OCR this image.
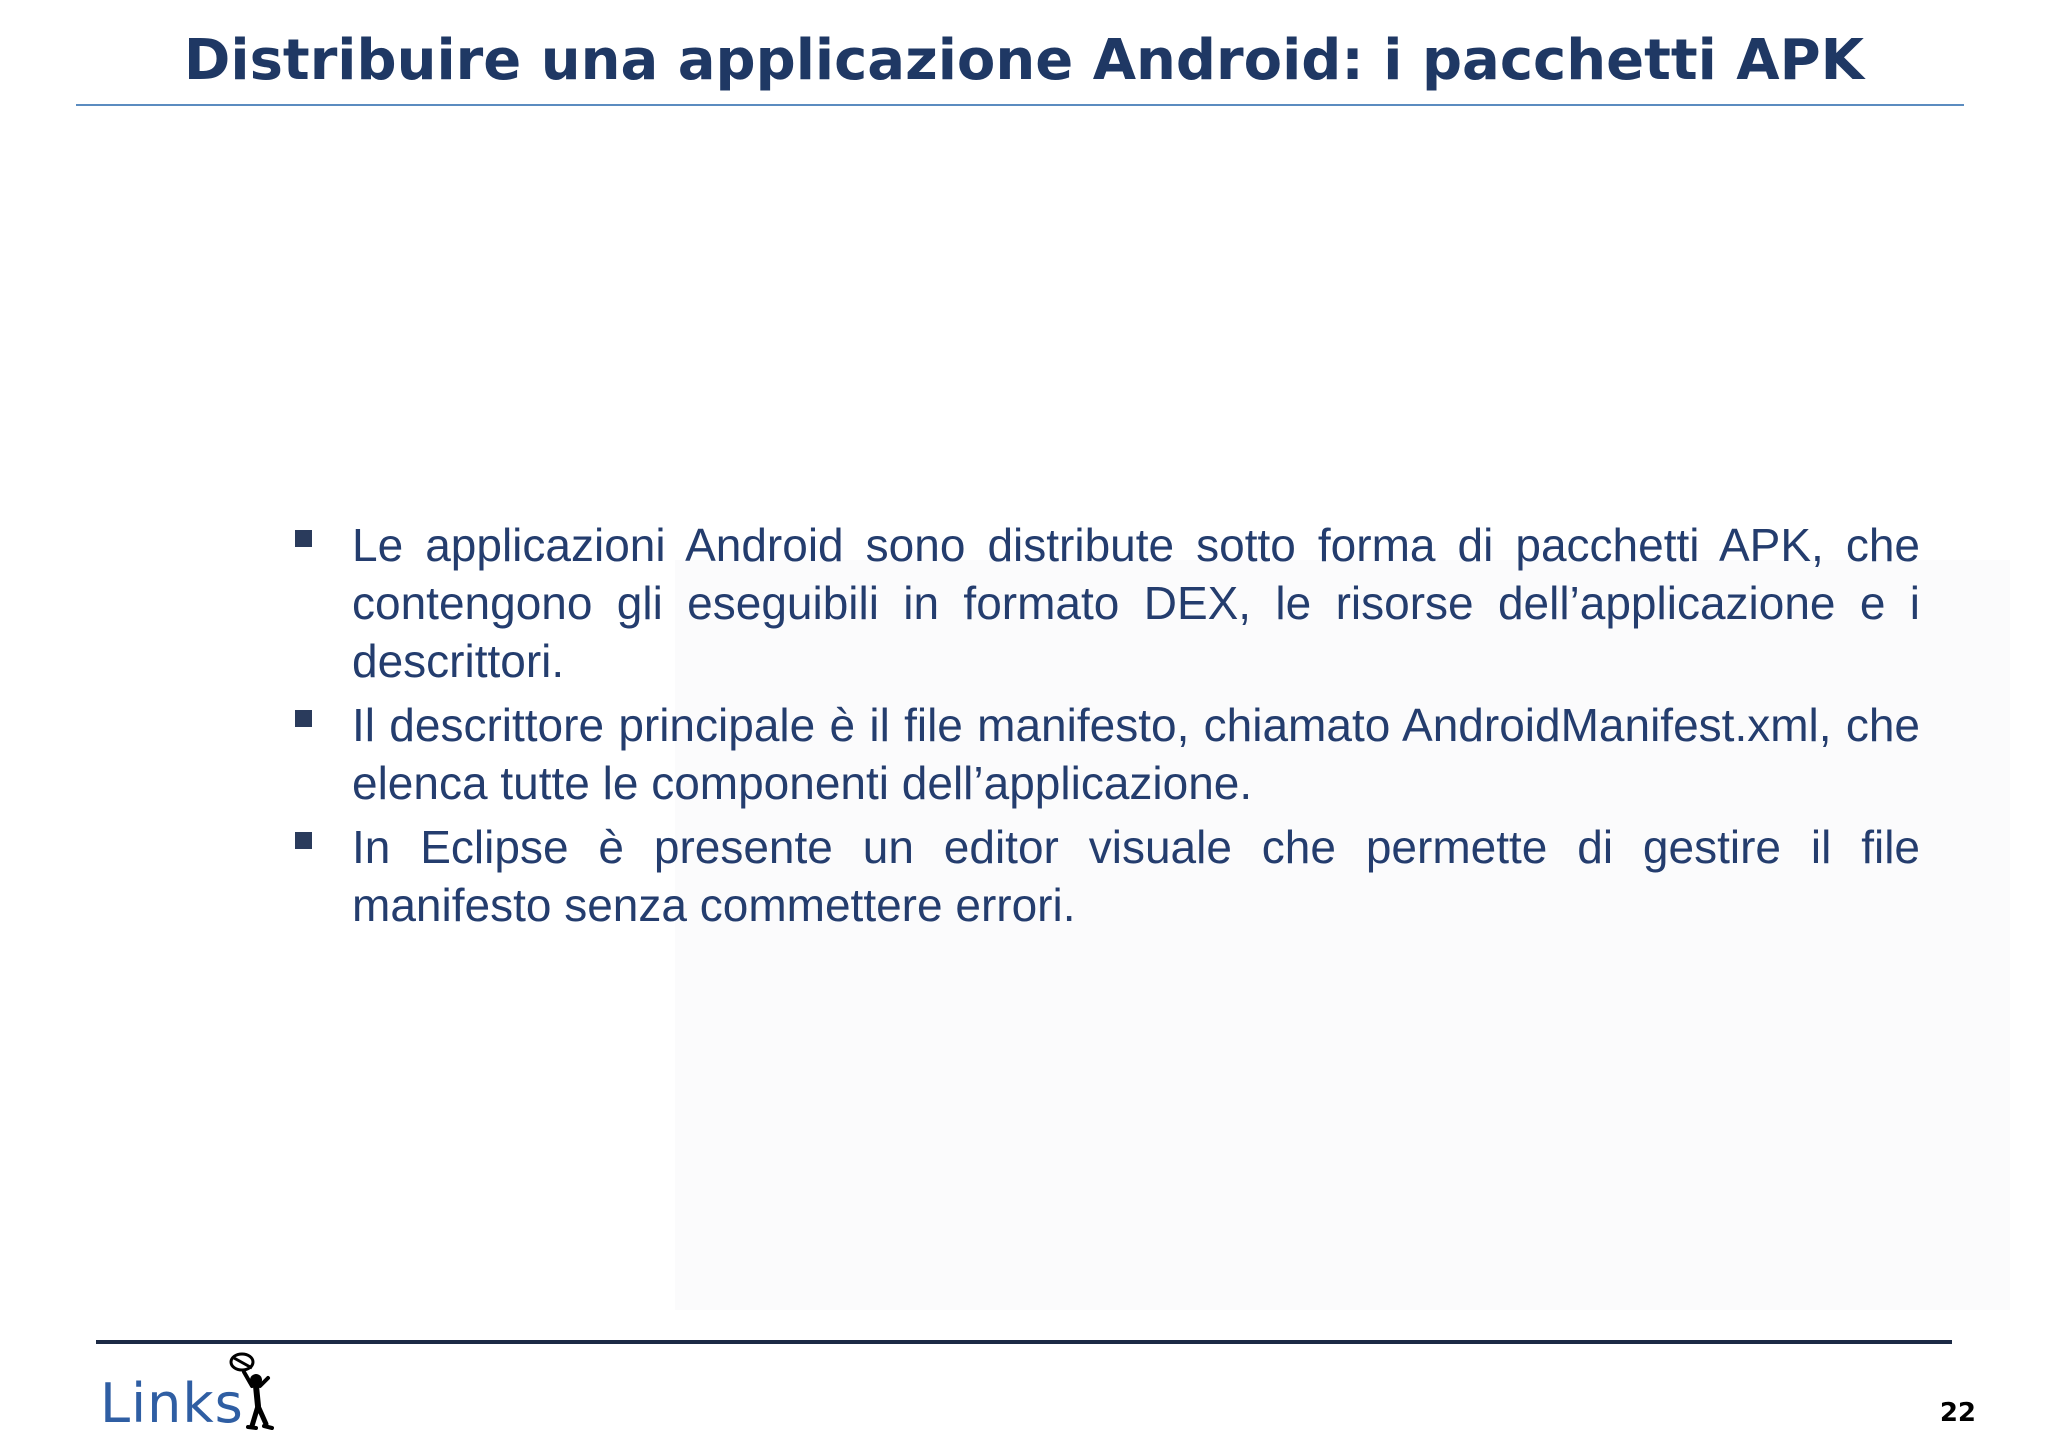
Distribuire una applicazione Android: i pacchetti APK
Le applicazioni Android sono distribute sotto forma di pacchetti APK, che contengono gli eseguibili in formato DEX, le risorse dell’applicazione e i descrittori.
Il descrittore principale è il file manifesto, chiamato AndroidManifest.xml, che elenca tutte le componenti dell’applicazione.
In Eclipse è presente un editor visuale che permette di gestire il file manifesto senza commettere errori.
Links	22
